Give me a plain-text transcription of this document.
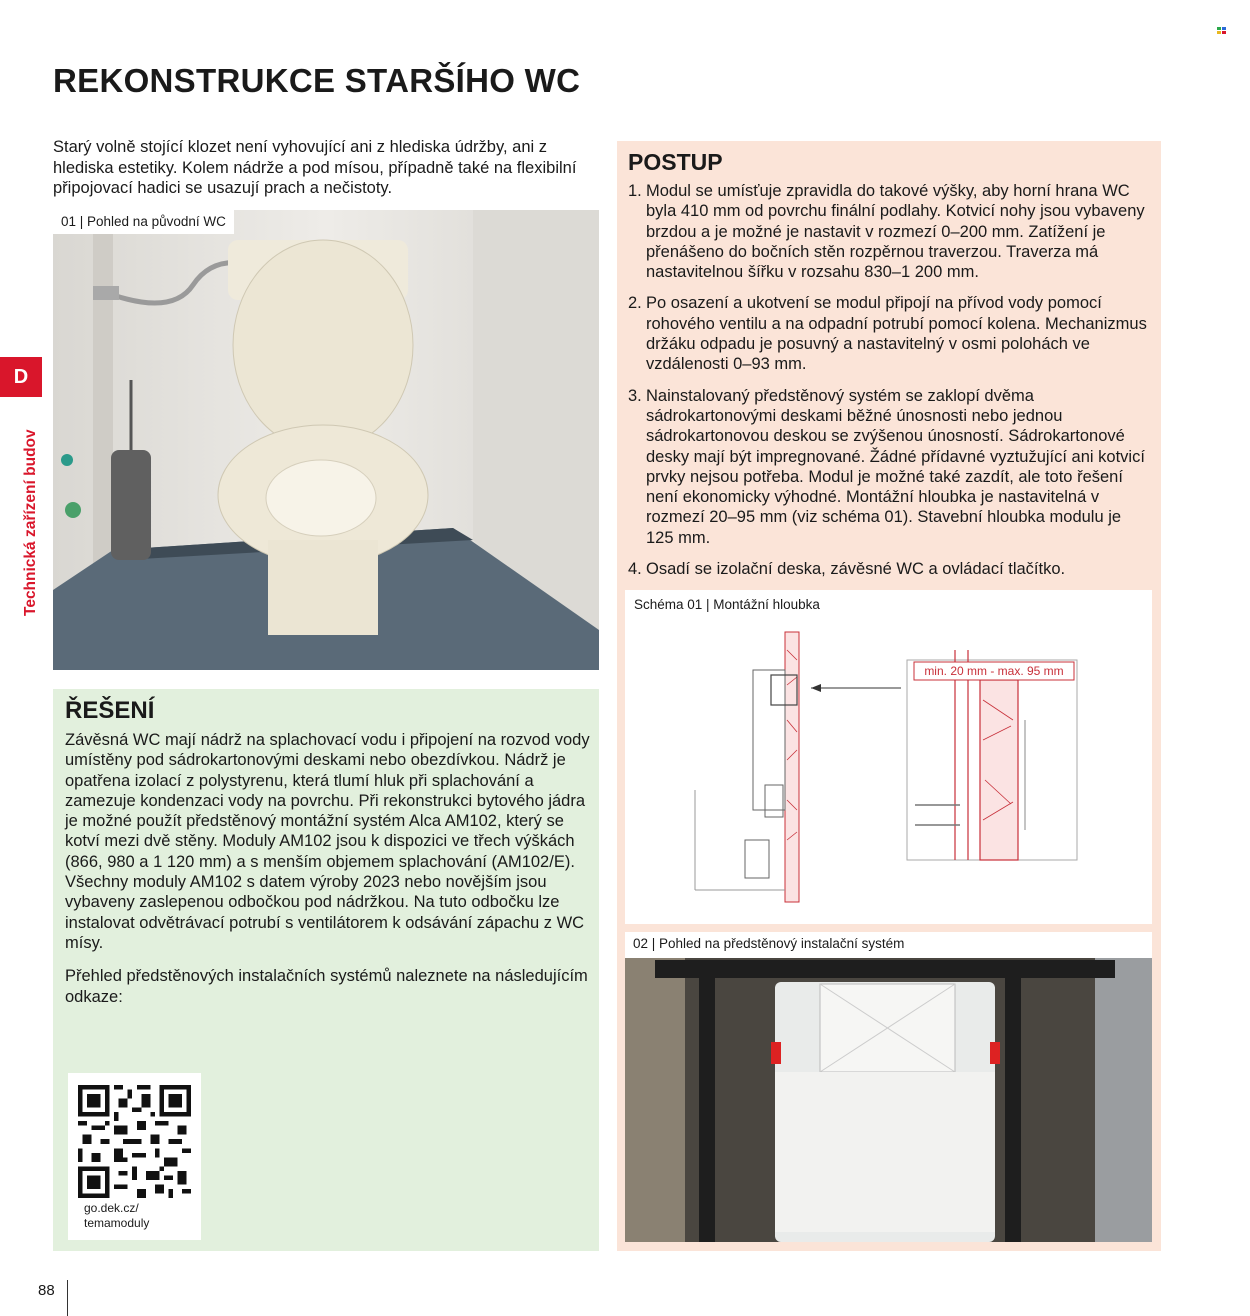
REKONSTRUKCE STARŠÍHO WC
Starý volně stojící klozet není vyhovující ani z hlediska údržby, ani z hlediska estetiky. Kolem nádrže a pod mísou, případně také na flexibilní připojovací hadici se usazují prach a nečistoty.
D
Technická zařízení budov
01 | Pohled na původní WC
POSTUP
1. Modul se umísťuje zpravidla do takové výšky, aby horní hrana WC byla 410 mm od povrchu finální podlahy. Kotvicí nohy jsou vybaveny brzdou a je možné je nastavit v rozmezí 0–200 mm. Zatížení je přenášeno do bočních stěn rozpěrnou traverzou. Traverza má nastavitelnou šířku v rozsahu 830–1 200 mm.
2. Po osazení a ukotvení se modul připojí na přívod vody pomocí rohového ventilu a na odpadní potrubí pomocí kolena. Mechanizmus držáku odpadu je posuvný a nastavitelný v osmi polohách ve vzdálenosti 0–93 mm.
3. Nainstalovaný předstěnový systém se zaklopí dvěma sádrokartonovými deskami běžné únosnosti nebo jednou sádrokartonovou deskou se zvýšenou únosností. Sádrokartonové desky mají být impregnované. Žádné přídavné vyztužující ani kotvicí prvky nejsou potřeba. Modul je možné také zazdít, ale toto řešení není ekonomicky výhodné. Montážní hloubka je nastavitelná v rozmezí 20–95 mm (viz schéma 01). Stavební hloubka modulu je 125 mm.
4. Osadí se izolační deska, závěsné WC a ovládací tlačítko.
Schéma 01 | Montážní hloubka
min. 20 mm - max. 95 mm
02 | Pohled na předstěnový instalační systém
ŘEŠENÍ

Závěsná WC mají nádrž na splachovací vodu i připojení na rozvod vody umístěny pod sádrokartonovými deskami nebo obezdívkou. Nádrž je opatřena izolací z polystyrenu, která tlumí hluk při splachování a zamezuje kondenzaci vody na povrchu. Při rekonstrukci bytového jádra je možné použít předstěnový montážní systém Alca AM102, který se kotví mezi dvě stěny. Moduly AM102 jsou k dispozici ve třech výškách (866, 980 a 1 120 mm) a s menším objemem splachování (AM102/E). Všechny moduly AM102 s datem výroby 2023 nebo novějším jsou vybaveny zaslepenou odbočkou pod nádržkou. Na tuto odbočku lze instalovat odvětrávací potrubí s ventilátorem k odsávání zápachu z WC mísy.

Přehled předstěnových instalačních systémů naleznete na následujícím odkaze:

go.dek.cz/ temamoduly
88
